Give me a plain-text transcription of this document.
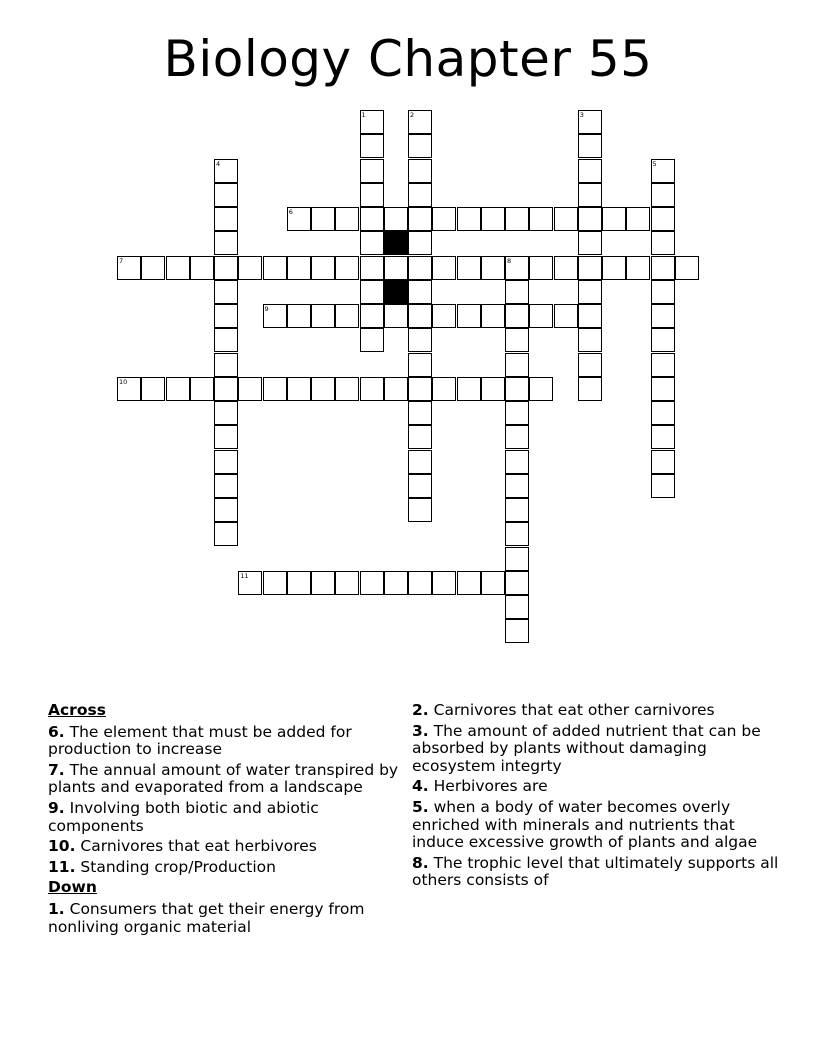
Biology Chapter 55
1	2	3
4	5
6
7	8
9
10
11
Across
6. The element that must be added for production to increase
7. The annual amount of water transpired by plants and evaporated from a landscape
9. Involving both biotic and abiotic components
10. Carnivores that eat herbivores
11. Standing crop/Production
Down
1. Consumers that get their energy from nonliving organic material
2. Carnivores that eat other carnivores
3. The amount of added nutrient that can be absorbed by plants without damaging ecosystem integrty
4. Herbivores are
5. when a body of water becomes overly enriched with minerals and nutrients that induce excessive growth of plants and algae
8. The trophic level that ultimately supports all others consists of
